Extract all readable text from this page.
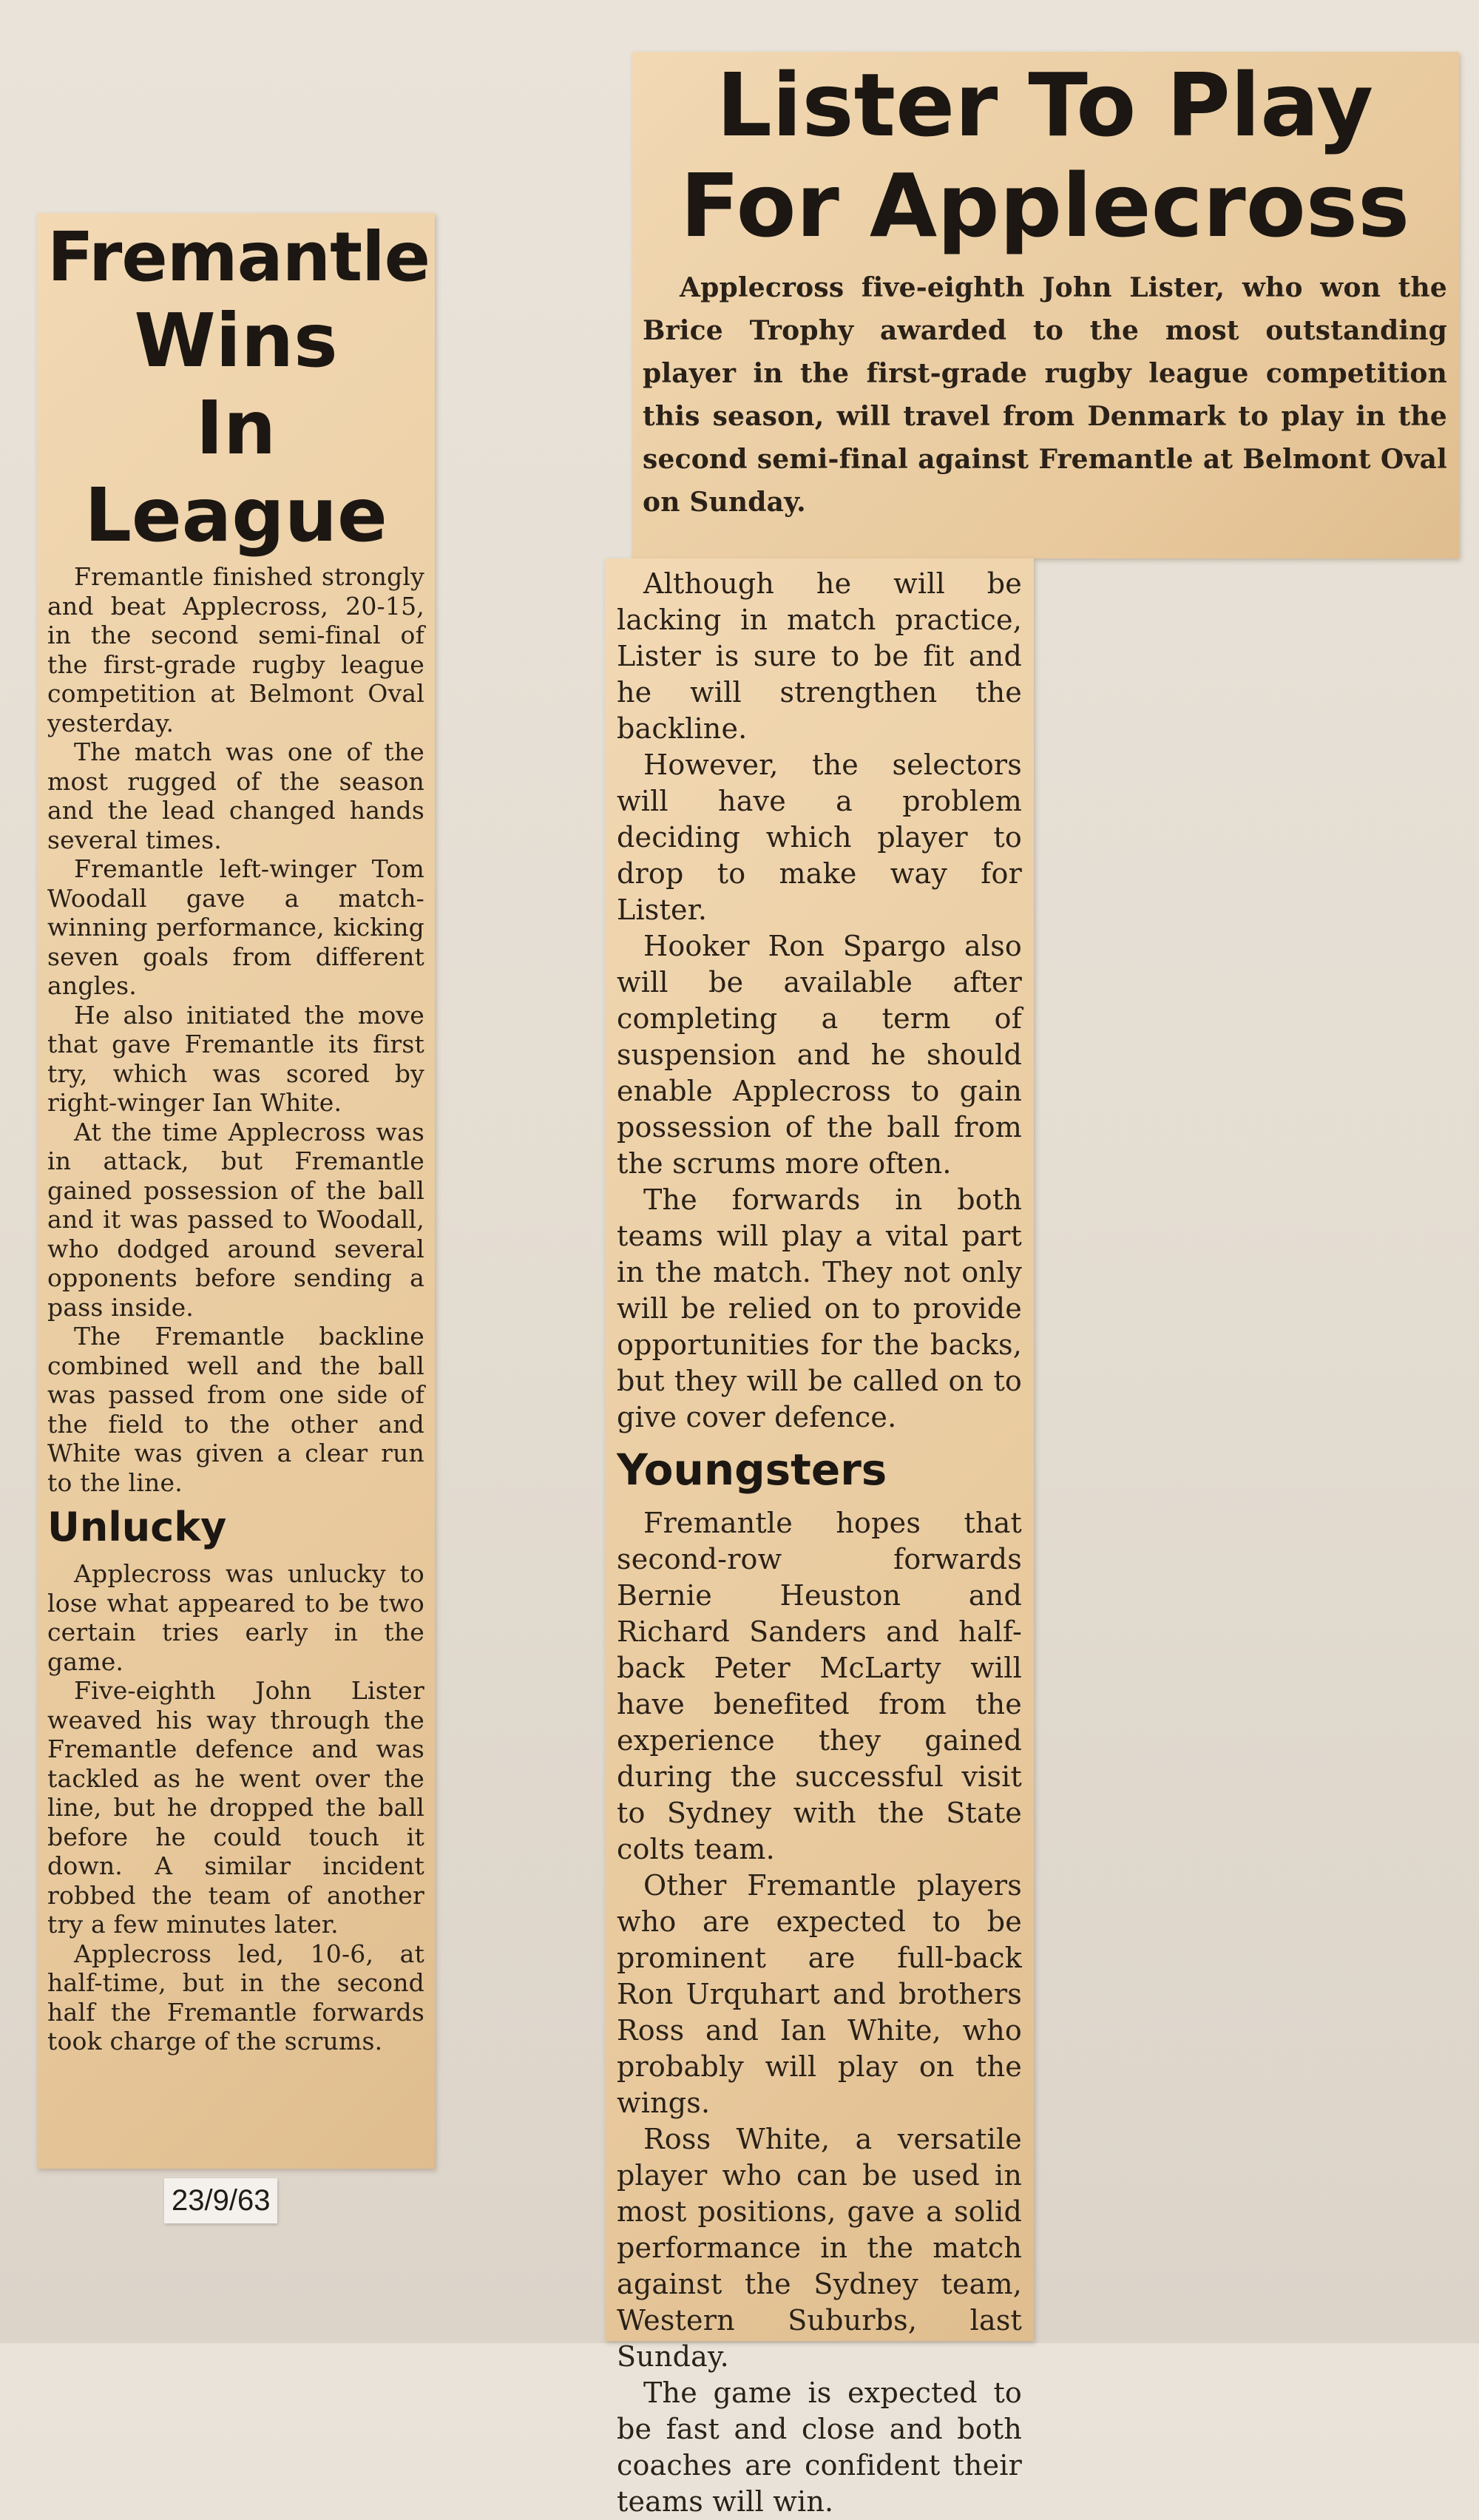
Fremantle

Wins

In League

Fremantle finished strongly and beat Applecross, 20-15, in the second semi-final of the first-grade rugby league competition at Belmont Oval yesterday.

The match was one of the most rugged of the season and the lead changed hands several times.

Fremantle left-winger Tom Woodall gave a match-winning performance, kicking seven goals from different angles.

He also initiated the move that gave Fremantle its first try, which was scored by right-winger Ian White.

At the time Applecross was in attack, but Fremantle gained possession of the ball and it was passed to Woodall, who dodged around several opponents before sending a pass inside.

The Fremantle backline combined well and the ball was passed from one side of the field to the other and White was given a clear run to the line.

Unlucky

Applecross was unlucky to lose what appeared to be two certain tries early in the game.

Five-eighth John Lister weaved his way through the Fremantle defence and was tackled as he went over the line, but he dropped the ball before he could touch it down. A similar incident robbed the team of another try a few minutes later.

Applecross led, 10-6, at half-time, but in the second half the Fremantle forwards took charge of the scrums.

23/9/63

Lister To Play

For Applecross

Applecross five-eighth John Lister, who won the Brice Trophy awarded to the most outstanding player in the first-grade rugby league competition this season, will travel from Denmark to play in the second semi-final against Fremantle at Belmont Oval on Sunday.

Although he will be lacking in match practice, Lister is sure to be fit and he will strengthen the backline.

However, the selectors will have a problem deciding which player to drop to make way for Lister.

Hooker Ron Spargo also will be available after completing a term of suspension and he should enable Applecross to gain possession of the ball from the scrums more often.

The forwards in both teams will play a vital part in the match. They not only will be relied on to provide opportunities for the backs, but they will be called on to give cover defence.

Youngsters

Fremantle hopes that second-row forwards Bernie Heuston and Richard Sanders and half-back Peter McLarty will have benefited from the experience they gained during the successful visit to Sydney with the State colts team.

Other Fremantle players who are expected to be prominent are full-back Ron Urquhart and brothers Ross and Ian White, who probably will play on the wings.

Ross White, a versatile player who can be used in most positions, gave a solid performance in the match against the Sydney team, Western Suburbs, last Sunday.

The game is expected to be fast and close and both coaches are confident their teams will win.
